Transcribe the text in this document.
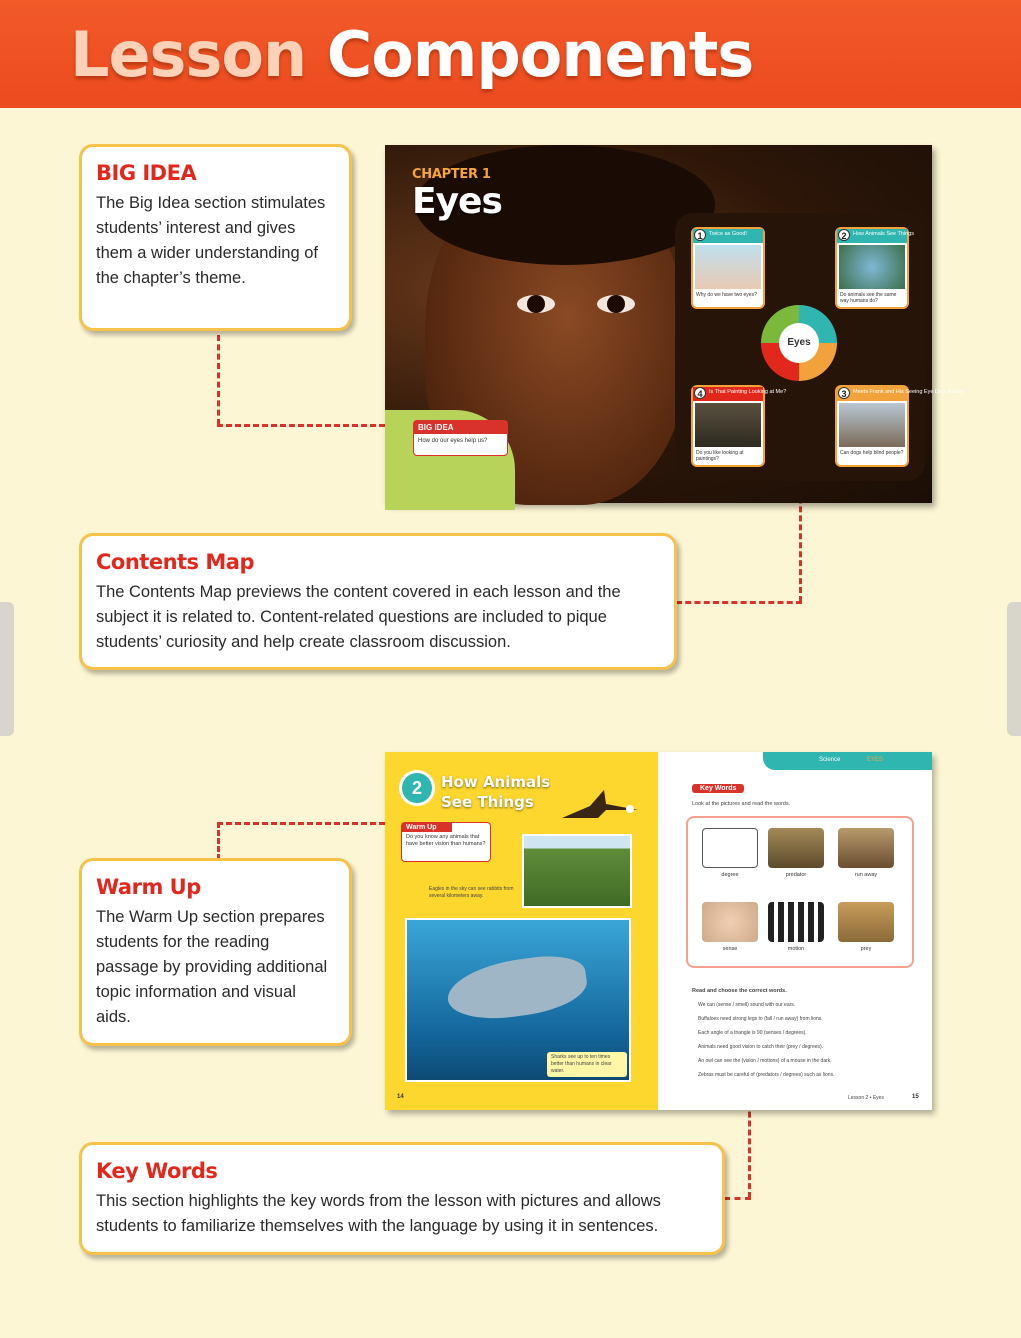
Lesson Components
BIG IDEA

The Big Idea section stimulates students’ interest and gives them a wider understanding of the chapter’s theme.

Contents Map

The Contents Map previews the content covered in each lesson and the subject it is related to. Content-related questions are included to pique students’ curiosity and help create classroom discussion.

Warm Up

The Warm Up section prepares students for the reading passage by providing additional topic information and visual aids.

Key Words

This section highlights the key words from the lesson with pictures and allows students to familiarize themselves with the language by using it in sentences.

CHAPTER 1
Eyes
BIG IDEA
How do our eyes help us?
1	Twice as Good!
Why do we have two eyes?
2	How Animals See Things
Do animals see the same way humans do?
4	Is That Painting Looking at Me?
Do you like looking at paintings?
3	Meets Frank and His Seeing Eye Dog, Buddy
Can dogs help blind people?
Eyes
2	How Animals
See Things
Warm Up
Do you know any animals that have better vision than humans?
Eagles in the sky can see rabbits from several kilometers away.
Sharks see up to ten times better than humans in clear water.
14
Science	EYES
Key Words
Look at the pictures and read the words.
degree	predator	run away
sense	motion	prey
Read and choose the correct words.
We can (sense / smell) sound with our ears.
Buffaloes need strong legs to (fall / run away) from lions.
Each angle of a triangle is 90 (senses / degrees).
Animals need good vision to catch their (prey / degrees).
An owl can see the (vision / motions) of a mouse in the dark.
Zebras must be careful of (predators / degrees) such as lions.
Lesson 2 • Eyes	15
